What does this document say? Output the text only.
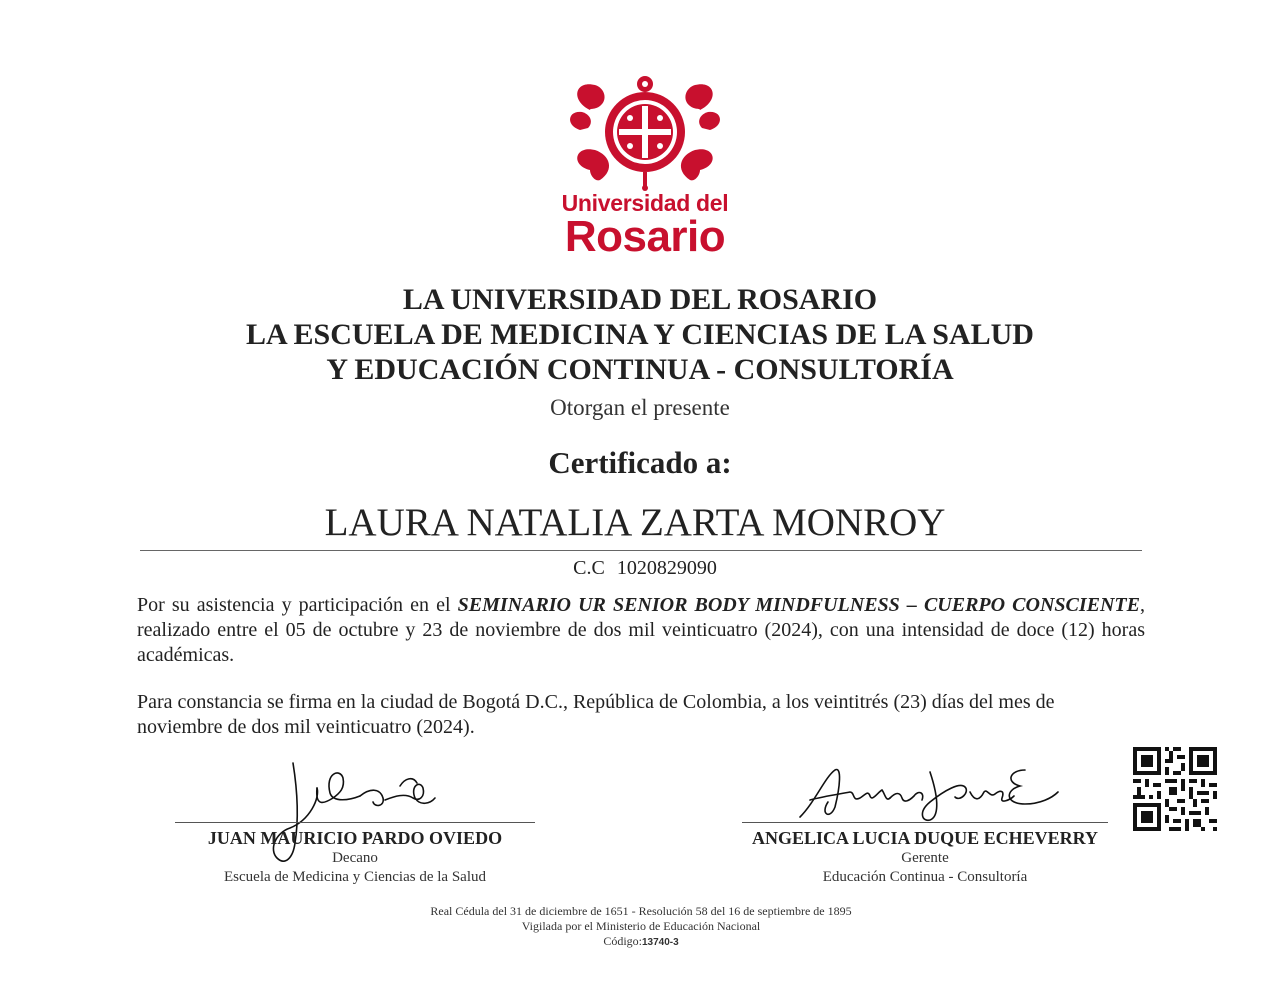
Universidad del
Rosario
LA UNIVERSIDAD DEL ROSARIO
LA ESCUELA DE MEDICINA Y CIENCIAS DE LA SALUD
Y EDUCACIÓN CONTINUA - CONSULTORÍA
Otorgan el presente
Certificado a:
LAURA NATALIA ZARTA MONROY
C.C 1020829090
Por su asistencia y participación en el SEMINARIO UR SENIOR BODY MINDFULNESS – CUERPO CONSCIENTE, realizado entre el 05 de octubre y 23 de noviembre de dos mil veinticuatro (2024), con una intensidad de doce (12) horas académicas.
Para constancia se firma en la ciudad de Bogotá D.C., República de Colombia, a los veintitrés (23) días del mes de noviembre de dos mil veinticuatro (2024).
JUAN MAURICIO PARDO OVIEDO
Decano
Escuela de Medicina y Ciencias de la Salud
ANGELICA LUCIA DUQUE ECHEVERRY
Gerente
Educación Continua - Consultoría
Real Cédula del 31 de diciembre de 1651 - Resolución 58 del 16 de septiembre de 1895
Vigilada por el Ministerio de Educación Nacional
Código:13740-3
